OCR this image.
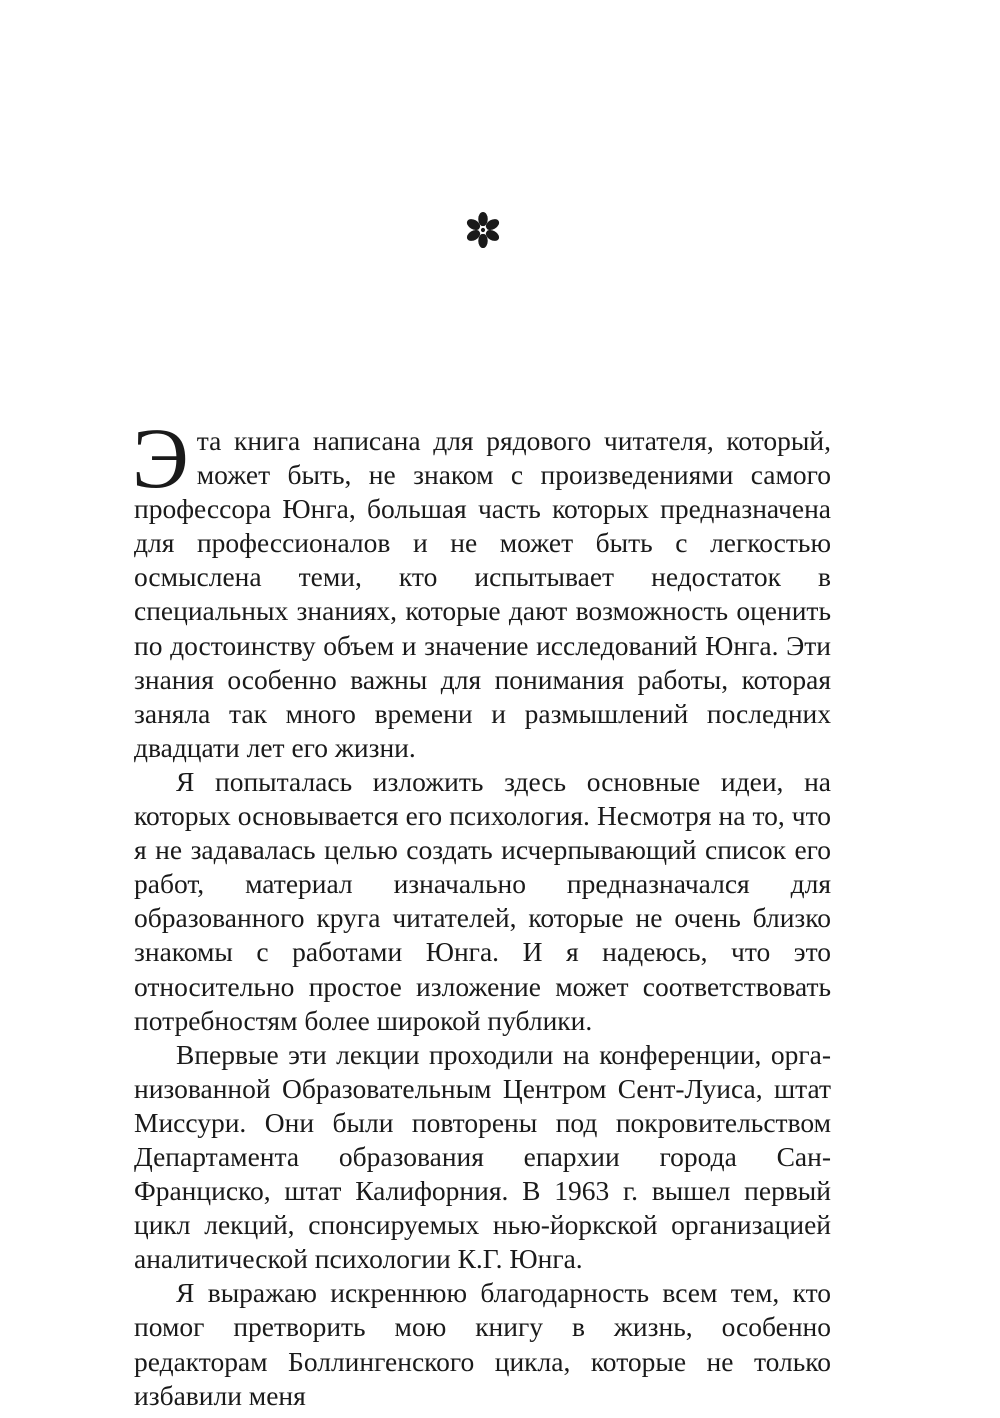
Эта книга написана для рядового читателя, который, может быть, не знаком с произведениями самого профессора Юнга, большая часть которых предназначена для профессионалов и не может быть с легкостью осмыслена теми, кто испытывает недостаток в специальных знаниях, которые дают возможность оценить по достоинству объем и значение исследований Юнга. Эти знания особенно важны для понимания работы, которая заняла так много времени и размышлений последних двадцати лет его жизни.

Я попыталась изложить здесь основные идеи, на которых основывается его психология. Несмотря на то, что я не задавалась целью создать исчерпывающий список его работ, материал изначально предназначался для образованного круга читателей, которые не очень близко знакомы с работами Юнга. И я надеюсь, что это относительно простое изложение может соответствовать потребностям более широкой публики.

Впервые эти лекции проходили на конференции, организованной Образовательным Центром Сент-Луиса, штат Миссури. Они были повторены под покровительством Департамента образования епархии города Сан-Франциско, штат Калифорния. В 1963 г. вышел первый цикл лекций, спонсируемых нью-йоркской организацией аналитической психологии К.Г. Юнга.

Я выражаю искреннюю благодарность всем тем, кто помог претворить мою книгу в жизнь, особенно редакторам Боллингенского цикла, которые не только избавили меня
